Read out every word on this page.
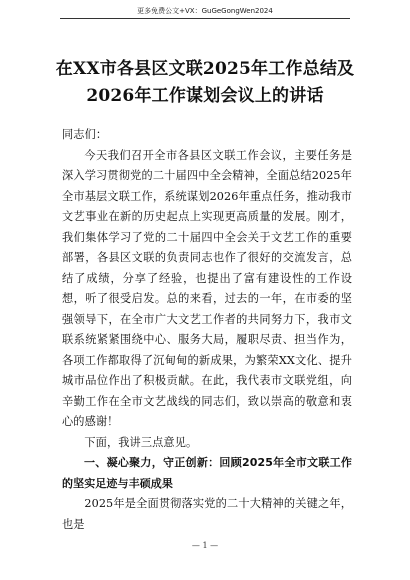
更多免费公文+VX：GuGeGongWen2024
在XX市各县区文联2025年工作总结及
2026年工作谋划会议上的讲话

同志们：

今天我们召开全市各县区文联工作会议，主要任务是深入学习贯彻党的二十届四中全会精神，全面总结2025年全市基层文联工作，系统谋划2026年重点任务，推动我市文艺事业在新的历史起点上实现更高质量的发展。刚才，我们集体学习了党的二十届四中全会关于文艺工作的重要部署，各县区文联的负责同志也作了很好的交流发言，总结了成绩，分享了经验，也提出了富有建设性的工作设想，听了很受启发。总的来看，过去的一年，在市委的坚强领导下，在全市广大文艺工作者的共同努力下，我市文联系统紧紧围绕中心、服务大局，履职尽责、担当作为，各项工作都取得了沉甸甸的新成果，为繁荣XX文化、提升城市品位作出了积极贡献。在此，我代表市文联党组，向辛勤工作在全市文艺战线的同志们，致以崇高的敬意和衷心的感谢！

下面，我讲三点意见。

一、凝心聚力，守正创新：回顾2025年全市文联工作的坚实足迹与丰硕成果

2025年是全面贯彻落实党的二十大精神的关键之年，也是

— 1 —
